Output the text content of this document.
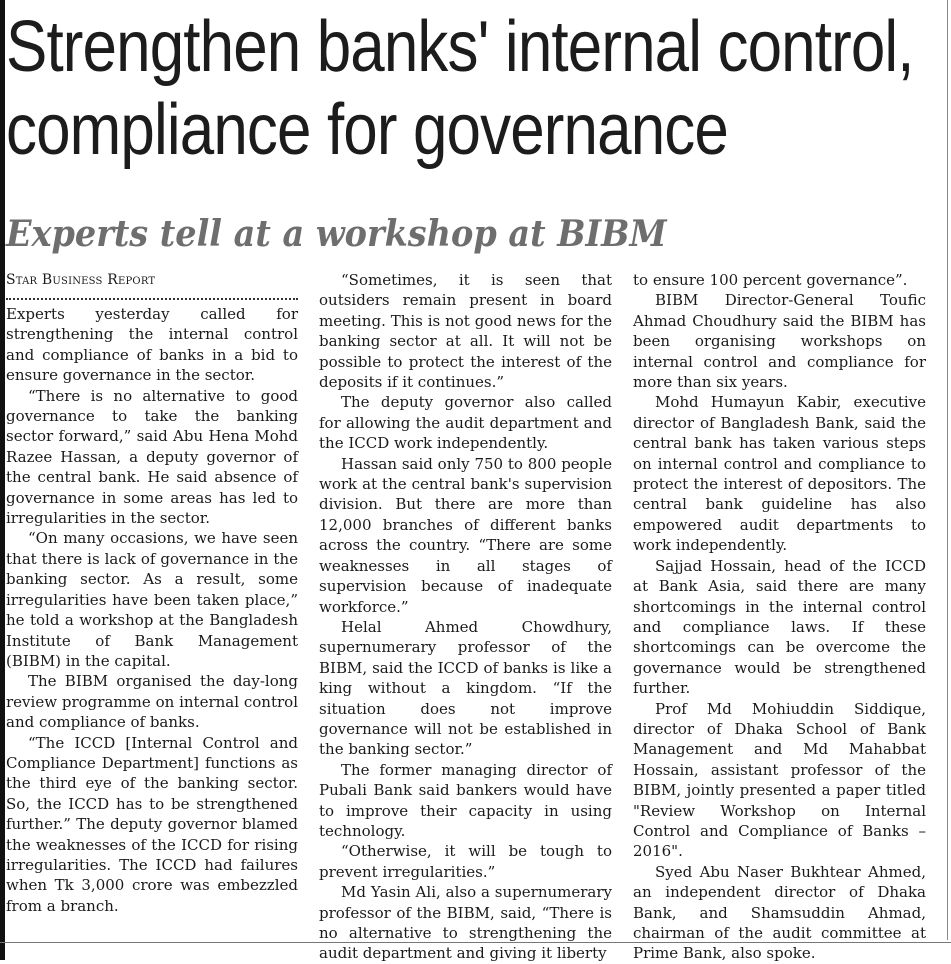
Strengthen banks' internal control,
compliance for governance
Experts tell at a workshop at BIBM
Star Business Report

Experts yesterday called for strengthening the internal control and compliance of banks in a bid to ensure governance in the sector.

“There is no alternative to good governance to take the banking sector forward,” said Abu Hena Mohd Razee Hassan, a deputy governor of the central bank. He said absence of governance in some areas has led to irregularities in the sector.

“On many occasions, we have seen that there is lack of governance in the banking sector. As a result, some irregularities have been taken place,” he told a workshop at the Bangladesh Institute of Bank Management (BIBM) in the capital.

The BIBM organised the day-long review programme on internal control and compliance of banks.

“The ICCD [Internal Control and Compliance Department] functions as the third eye of the banking sector. So, the ICCD has to be strengthened further.” The deputy governor blamed the weaknesses of the ICCD for rising irregularities. The ICCD had failures when Tk 3,000 crore was embezzled from a branch.

“Sometimes, it is seen that outsiders remain present in board meeting. This is not good news for the banking sector at all. It will not be possible to protect the interest of the deposits if it continues.”

The deputy governor also called for allowing the audit department and the ICCD work independently.

Hassan said only 750 to 800 people work at the central bank's supervision division. But there are more than 12,000 branches of different banks across the country. “There are some weaknesses in all stages of supervision because of inadequate workforce.”

Helal Ahmed Chowdhury, supernumerary professor of the BIBM, said the ICCD of banks is like a king without a kingdom. “If the situation does not improve governance will not be established in the banking sector.”

The former managing director of Pubali Bank said bankers would have to improve their capacity in using technology.

“Otherwise, it will be tough to prevent irregularities.”

Md Yasin Ali, also a supernumerary professor of the BIBM, said, “There is no alternative to strengthening the audit department and giving it liberty

to ensure 100 percent governance”.

BIBM Director-General Toufic Ahmad Choudhury said the BIBM has been organising workshops on internal control and compliance for more than six years.

Mohd Humayun Kabir, executive director of Bangladesh Bank, said the central bank has taken various steps on internal control and compliance to protect the interest of depositors. The central bank guideline has also empowered audit departments to work independently.

Sajjad Hossain, head of the ICCD at Bank Asia, said there are many shortcomings in the internal control and compliance laws. If these shortcomings can be overcome the governance would be strengthened further.

Prof Md Mohiuddin Siddique, director of Dhaka School of Bank Management and Md Mahabbat Hossain, assistant professor of the BIBM, jointly presented a paper titled "Review Workshop on Internal Control and Compliance of Banks – 2016".

Syed Abu Naser Bukhtear Ahmed, an independent director of Dhaka Bank, and Shamsuddin Ahmad, chairman of the audit committee at Prime Bank, also spoke.
